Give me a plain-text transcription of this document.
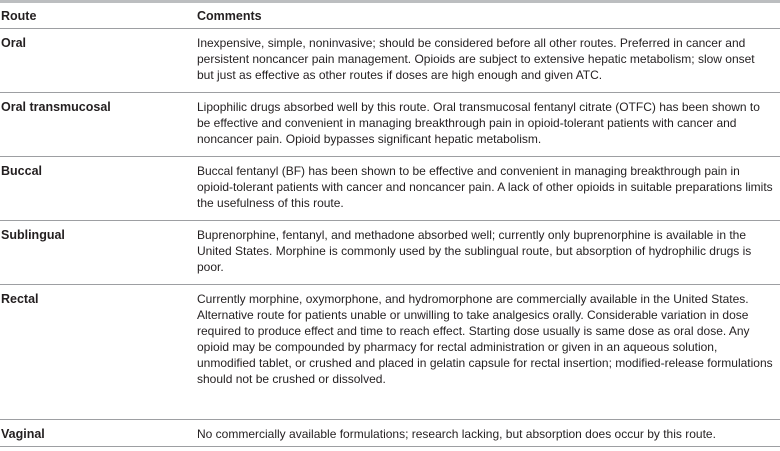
Route	Comments
Oral	Inexpensive, simple, noninvasive; should be considered before all other routes. Preferred in cancer and persistent noncancer pain management. Opioids are subject to extensive hepatic metabolism; slow onset but just as effective as other routes if doses are high enough and given ATC.
Oral transmucosal	Lipophilic drugs absorbed well by this route. Oral transmucosal fentanyl citrate (OTFC) has been shown to be effective and convenient in managing breakthrough pain in opioid-tolerant patients with cancer and noncancer pain. Opioid bypasses significant hepatic metabolism.
Buccal	Buccal fentanyl (BF) has been shown to be effective and convenient in managing breakthrough pain in opioid-tolerant patients with cancer and noncancer pain. A lack of other opioids in suitable preparations limits the usefulness of this route.
Sublingual	Buprenorphine, fentanyl, and methadone absorbed well; currently only buprenorphine is available in the United States. Morphine is commonly used by the sublingual route, but absorption of hydrophilic drugs is poor.
Rectal	Currently morphine, oxymorphone, and hydromorphone are commercially available in the United States. Alternative route for patients unable or unwilling to take analgesics orally. Considerable variation in dose required to produce effect and time to reach effect. Starting dose usually is same dose as oral dose. Any opioid may be compounded by pharmacy for rectal administration or given in an aqueous solution, unmodified tablet, or crushed and placed in gelatin capsule for rectal insertion; modified-release formulations should not be crushed or dissolved.
Vaginal	No commercially available formulations; research lacking, but absorption does occur by this route.
